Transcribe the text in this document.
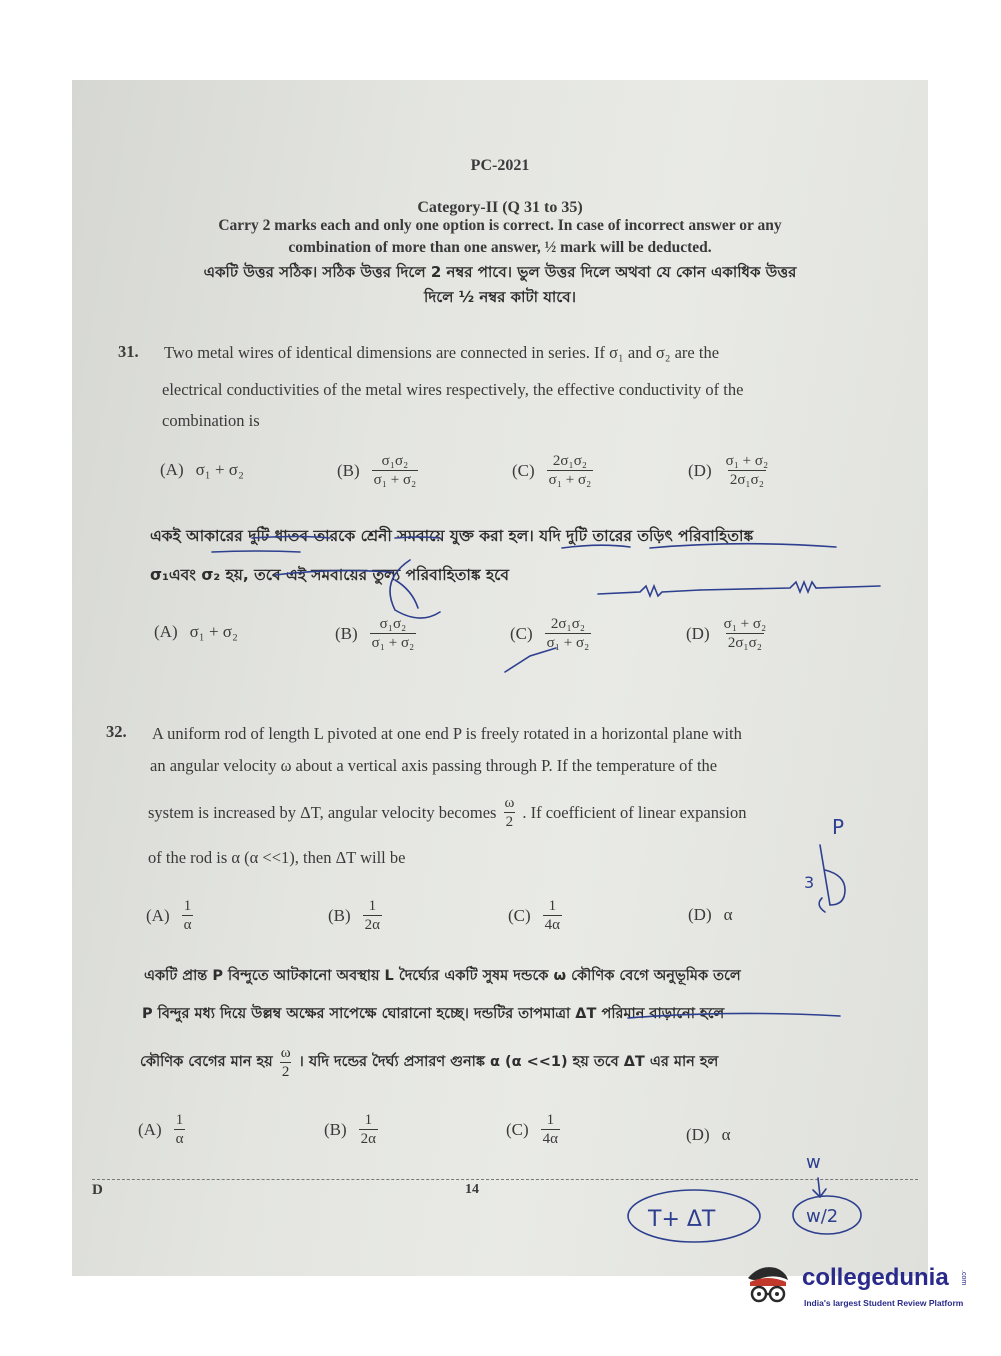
PC-2021
Category-II (Q 31 to 35)
Carry 2 marks each and only one option is correct. In case of incorrect answer or any
combination of more than one answer, ½ mark will be deducted.
একটি উত্তর সঠিক। সঠিক উত্তর দিলে 2 নম্বর পাবে। ভুল উত্তর দিলে অথবা যে কোন একাধিক উত্তর
দিলে ½ নম্বর কাটা যাবে।
31. Two metal wires of identical dimensions are connected in series. If σ₁ and σ₂ are the
electrical conductivities of the metal wires respectively, the effective conductivity of the
combination is
(A) σ₁ + σ₂	$(B) \frac{\text{σ₁σ₂}}{\text{σ₁ + σ₂}}$	$(C) \frac{\text{2σ₁σ₂}}{\text{σ₁ + σ₂}}$	$(D) \frac{\text{σ₁ + σ₂}}{\text{2σ₁σ₂}}$
একই আকারের দুটি ধাতব তারকে শ্রেনী সমবায়ে যুক্ত করা হল। যদি দুটি তারের তড়িৎ পরিবাহিতাঙ্ক
σ₁এবং σ₂ হয়, তবে এই সমবায়ের তুল্য পরিবাহিতাঙ্ক হবে
(A) σ₁ + σ₂	$(B) \frac{\text{σ₁σ₂}}{\text{σ₁ + σ₂}}$	$(C) \frac{\text{2σ₁σ₂}}{\text{σ₁ + σ₂}}$	$(D) \frac{\text{σ₁ + σ₂}}{\text{2σ₁σ₂}}$
32. A uniform rod of length L pivoted at one end P is freely rotated in a horizontal plane with
an angular velocity ω about a vertical axis passing through P. If the temperature of the
system is increased by ΔT, angular velocity becomes $\frac{\omega}{2}$ . If coefficient of linear expansion
of the rod is α (α <<1), then ΔT will be
$(A) \frac{1}{\alpha}$	$(B) \frac{1}{2\alpha}$	$(C) \frac{1}{4\alpha}$	(D) α
একটি প্রান্ত P বিন্দুতে আটকানো অবস্থায় L দৈর্ঘ্যের একটি সুষম দন্ডকে ω কৌণিক বেগে অনুভূমিক তলে
P বিন্দুর মধ্য দিয়ে উল্লম্ব অক্ষের সাপেক্ষে ঘোরানো হচ্ছে। দন্ডটির তাপমাত্রা ΔT পরিমান বাড়ানো হলে
কৌণিক বেগের মান হয় $\frac{\omega}{2}$ । যদি দন্ডের দৈর্ঘ্য প্রসারণ গুনাঙ্ক α (α <<1) হয় তবে ΔT এর মান হল
$(A) \frac{1}{\alpha}$	$(B) \frac{1}{2\alpha}$	$(C) \frac{1}{4\alpha}$	(D) α
D	14
P
3
w
T+ ΔT	w/2
collegedunia .com
India's largest Student Review Platform
